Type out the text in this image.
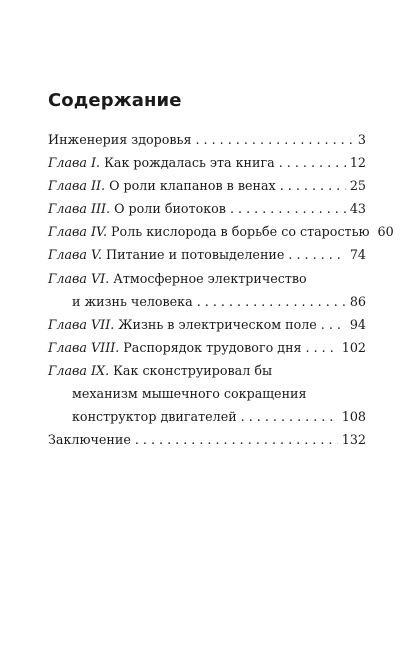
Содержание
Инженерия здоровья . . .	3
Глава I. Как рождалась эта книга . . .	12
Глава II. О роли клапанов в венах . . .	25
Глава III. О роли биотоков . . .	43
Глава IV. Роль кислорода в борьбе со старостью 60
Глава V. Питание и потовыделение . . .	74
Глава VI. Атмосферное электричество
и жизнь человека . . .	86
Глава VII. Жизнь в электрическом поле . . .	94
Глава VIII. Распорядок трудового дня . . .	102
Глава IX. Как сконструировал бы
механизм мышечного сокращения
конструктор двигателей . . .	108
Заключение . . .	132
